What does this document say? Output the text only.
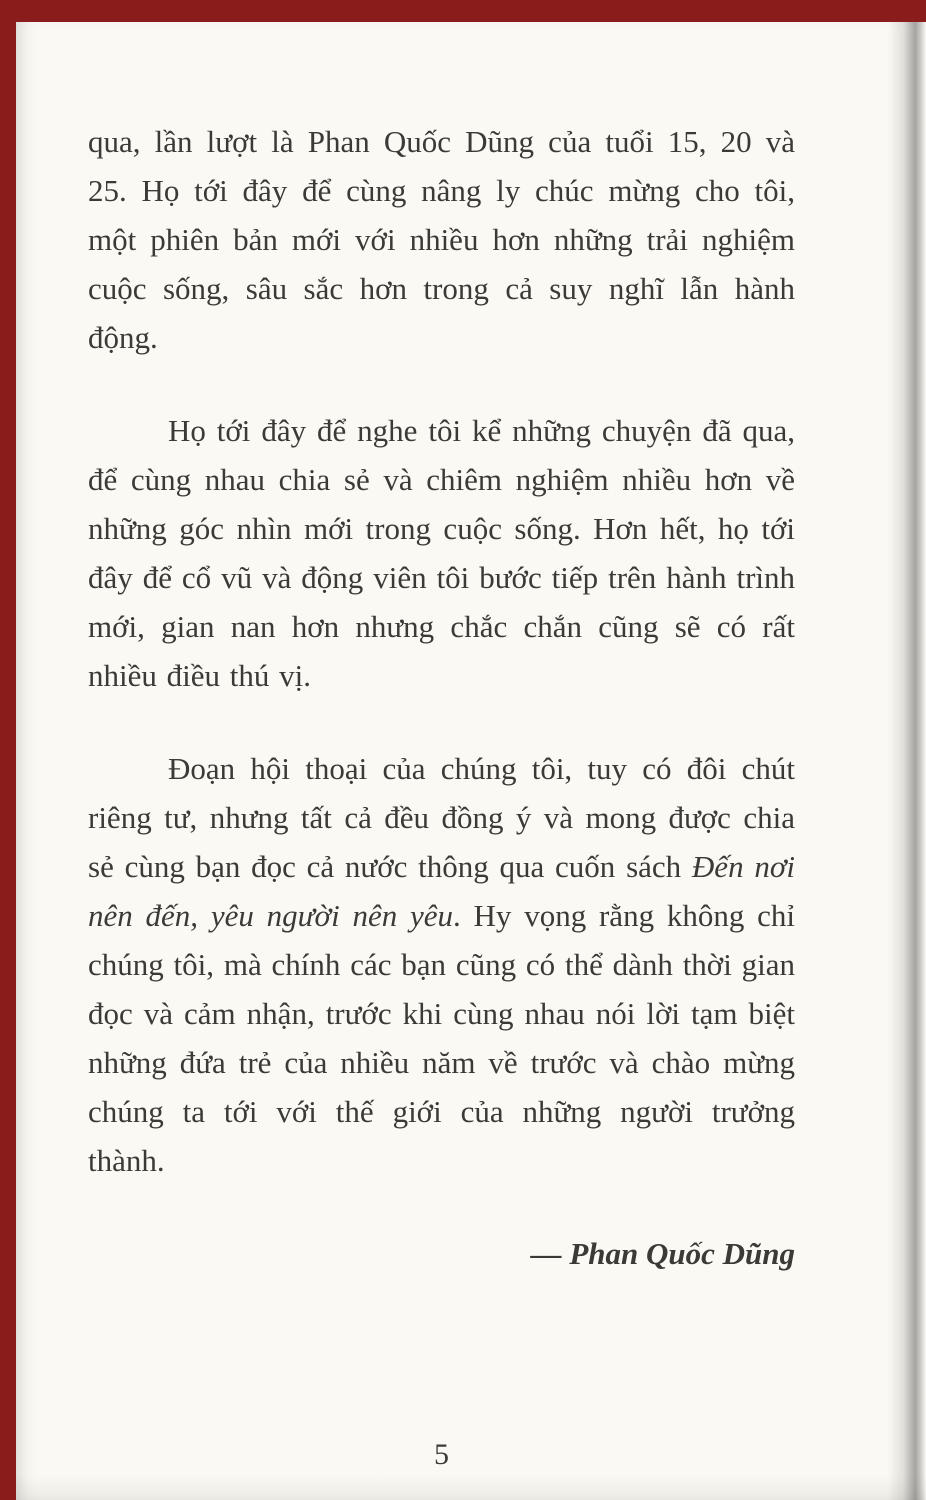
qua, lần lượt là Phan Quốc Dũng của tuổi 15, 20 và 25. Họ tới đây để cùng nâng ly chúc mừng cho tôi, một phiên bản mới với nhiều hơn những trải nghiệm cuộc sống, sâu sắc hơn trong cả suy nghĩ lẫn hành động.

Họ tới đây để nghe tôi kể những chuyện đã qua, để cùng nhau chia sẻ và chiêm nghiệm nhiều hơn về những góc nhìn mới trong cuộc sống. Hơn hết, họ tới đây để cổ vũ và động viên tôi bước tiếp trên hành trình mới, gian nan hơn nhưng chắc chắn cũng sẽ có rất nhiều điều thú vị.

Đoạn hội thoại của chúng tôi, tuy có đôi chút riêng tư, nhưng tất cả đều đồng ý và mong được chia sẻ cùng bạn đọc cả nước thông qua cuốn sách Đến nơi nên đến, yêu người nên yêu. Hy vọng rằng không chỉ chúng tôi, mà chính các bạn cũng có thể dành thời gian đọc và cảm nhận, trước khi cùng nhau nói lời tạm biệt những đứa trẻ của nhiều năm về trước và chào mừng chúng ta tới với thế giới của những người trưởng thành.

— Phan Quốc Dũng

5
